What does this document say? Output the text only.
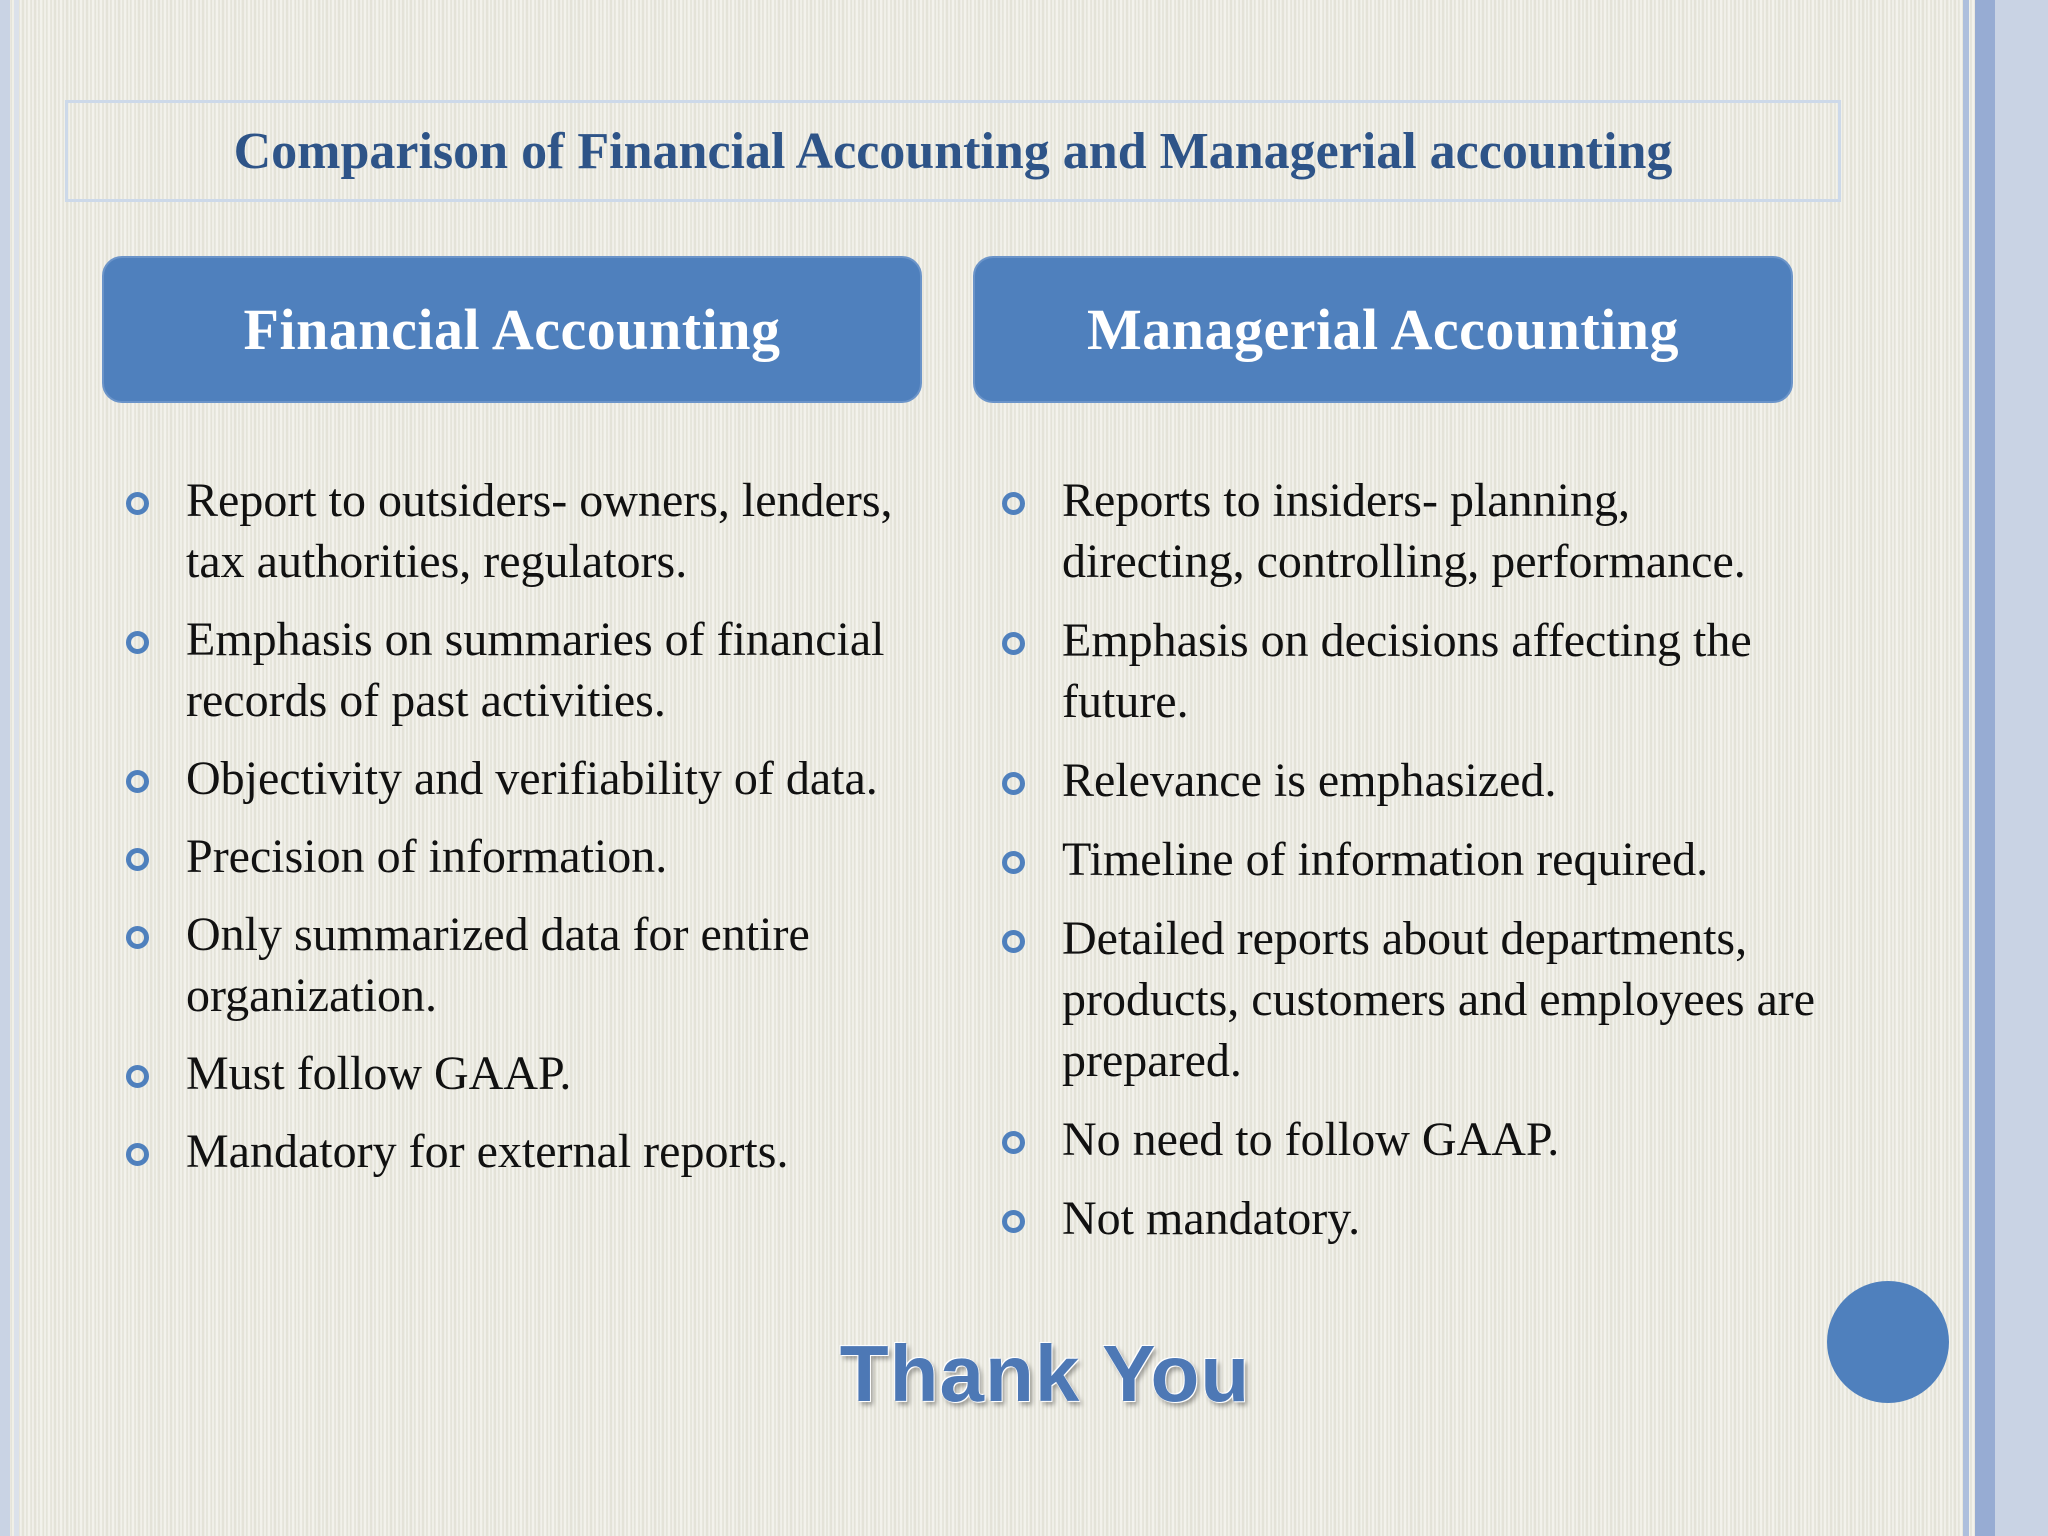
Comparison of Financial Accounting and Managerial accounting
Financial Accounting	Managerial Accounting
Report to outsiders- owners, lenders, tax authorities, regulators.
Emphasis on summaries of financial records of past activities.
Objectivity and verifiability of data.
Precision of information.
Only summarized data for entire organization.
Must follow GAAP.
Mandatory for external reports.
Reports to insiders- planning, directing, controlling, performance.
Emphasis on decisions affecting the future.
Relevance is emphasized.
Timeline of information required.
Detailed reports about departments, products, customers and employees are prepared.
No need to follow GAAP.
Not mandatory.
Thank You
